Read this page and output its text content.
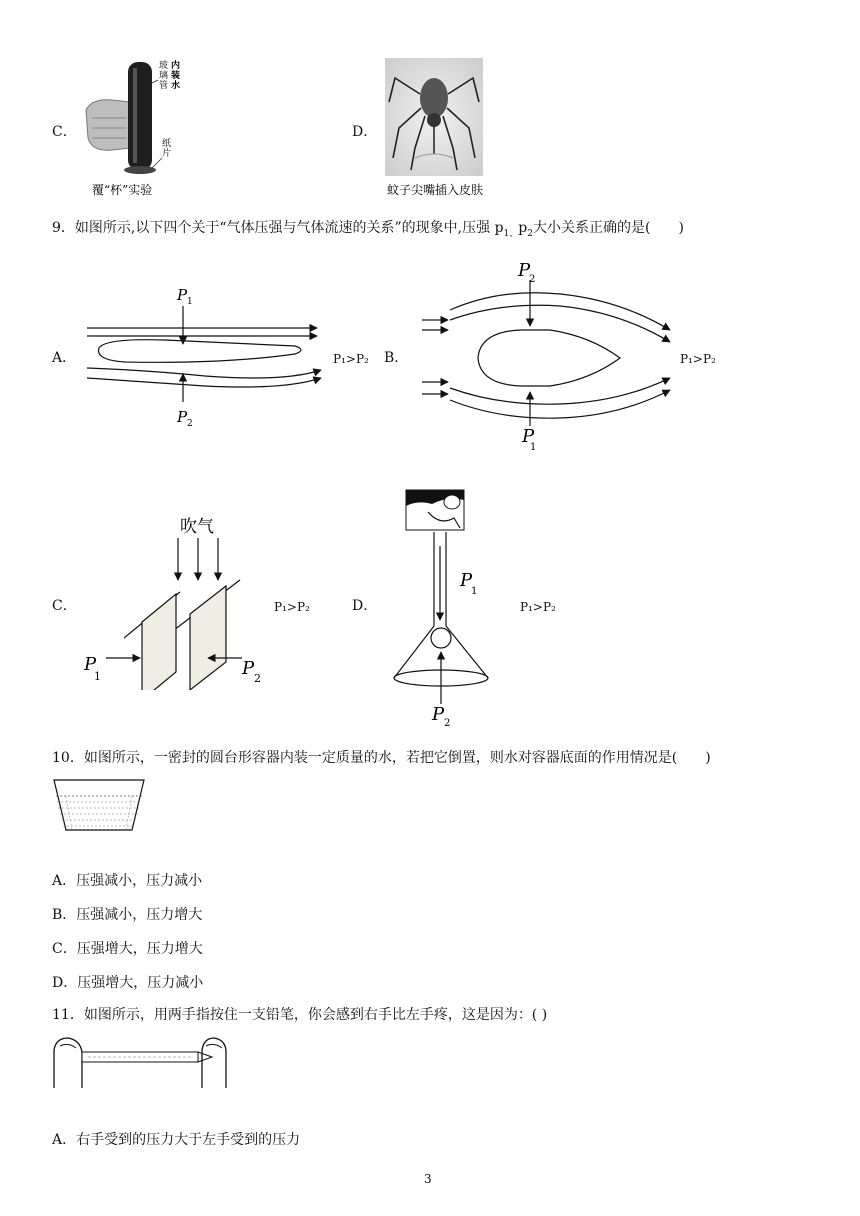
C．
玻
璃
管
内
装
水
纸
片
覆“杯”实验
D．
蚊子尖嘴插入皮肤
9．如图所示,以下四个关于“气体压强与气体流速的关系”的现象中,压强 $p_{1、}p_2$大小关系正确的是(　　)
A．
P 1
P 2
P₁>P₂ B．
P
2
P
1
P₁>P₂
C．
吹气
P
1	P 2
P₁>P₂	D．
P
1
P 2
P₁>P₂
10．如图所示，一密封的圆台形容器内装一定质量的水，若把它倒置，则水对容器底面的作用情况是(　　)
A．压强减小，压力减小
B．压强减小，压力增大
C．压强增大，压力增大
D．压强增大，压力减小
11．如图所示，用两手指按住一支铅笔，你会感到右手比左手疼，这是因为：( )
A．右手受到的压力大于左手受到的压力
3
